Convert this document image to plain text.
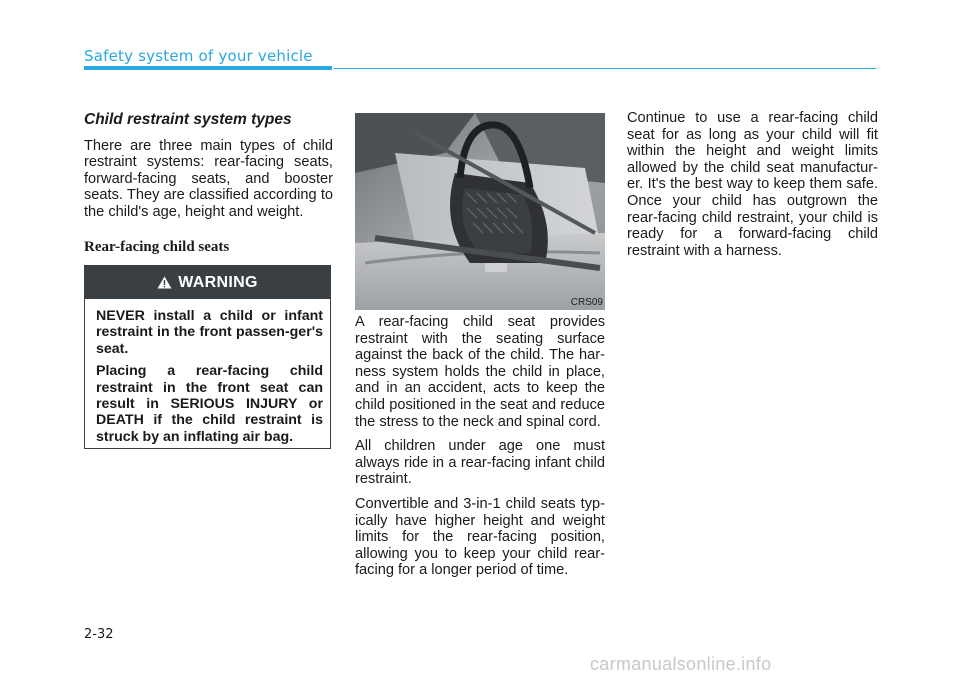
Safety system of your vehicle
Child restraint system types

There are three main types of child restraint systems: rear-facing seats, forward-facing seats, and booster seats. They are classified according to the child's age, height and weight.

Rear-facing child seats
WARNING

NEVER install a child or infant restraint in the front passen-ger's seat.

Placing a rear-facing child restraint in the front seat can result in SERIOUS INJURY or DEATH if the child restraint is struck by an inflating air bag.

CRS09

A rear-facing child seat provides restraint with the seating surface against the back of the child. The har-ness system holds the child in place, and in an accident, acts to keep the child positioned in the seat and reduce the stress to the neck and spinal cord.

All children under age one must always ride in a rear-facing infant child restraint.

Convertible and 3-in-1 child seats typ-ically have higher height and weight limits for the rear-facing position, allowing you to keep your child rear-facing for a longer period of time.

Continue to use a rear-facing child seat for as long as your child will fit within the height and weight limits allowed by the child seat manufactur-er. It's the best way to keep them safe. Once your child has outgrown the rear-facing child restraint, your child is ready for a forward-facing child restraint with a harness.

2-32
carmanualsonline.info
